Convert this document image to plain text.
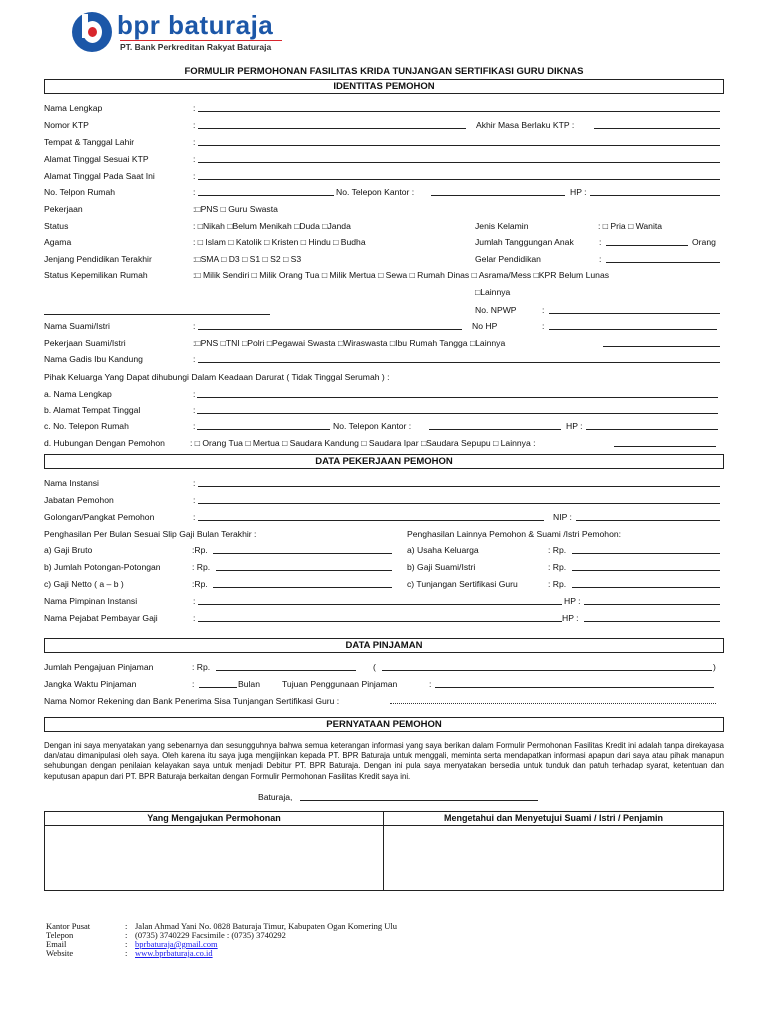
bpr baturaja
PT. Bank Perkreditan Rakyat Baturaja
FORMULIR PERMOHONAN FASILITAS KRIDA TUNJANGAN SERTIFIKASI GURU DIKNAS
IDENTITAS PEMOHON
Nama Lengkap	:
Nomor KTP	:	Akhir Masa Berlaku KTP :
Tempat & Tanggal Lahir	:
Alamat Tinggal Sesuai KTP	:
Alamat Tinggal Pada Saat Ini	:
No. Telpon Rumah	:	No. Telepon Kantor :	HP :
Pekerjaan	:□PNS □ Guru Swasta
Status	: □Nikah □Belum Menikah □Duda □Janda	Jenis Kelamin	: □ Pria □ Wanita
Agama	: □ Islam □ Katolik □ Kristen □ Hindu □ Budha	Jumlah Tanggungan Anak	:	Orang
Jenjang Pendidikan Terakhir	:□SMA □ D3 □ S1 □ S2 □ S3	Gelar Pendidikan	:
Status Kepemilikan Rumah	:□ Milik Sendiri □ Milik Orang Tua □ Milik Mertua □ Sewa □ Rumah Dinas □ Asrama/Mess □KPR Belum Lunas
□Lainnya
No. NPWP	:
Nama Suami/Istri	:	No HP	:
Pekerjaan Suami/Istri	:□PNS □TNI □Polri □Pegawai Swasta □Wiraswasta □Ibu Rumah Tangga □Lainnya
Nama Gadis Ibu Kandung	:
Pihak Keluarga Yang Dapat dihubungi Dalam Keadaan Darurat ( Tidak Tinggal Serumah ) :
a. Nama Lengkap	:
b. Alamat Tempat Tinggal	:
c. No. Telepon Rumah	:	No. Telepon Kantor :	HP :
d. Hubungan Dengan Pemohon	: □ Orang Tua □ Mertua □ Saudara Kandung □ Saudara Ipar □Saudara Sepupu □ Lainnya :
DATA PEKERJAAN PEMOHON
Nama Instansi	:
Jabatan Pemohon	:
Golongan/Pangkat Pemohon	:	NIP :
Penghasilan Per Bulan Sesuai Slip Gaji Bulan Terakhir :	Penghasilan Lainnya Pemohon & Suami /Istri Pemohon:
a) Gaji Bruto	:Rp.	a) Usaha Keluarga	: Rp.
b) Jumlah Potongan-Potongan	: Rp.	b) Gaji Suami/Istri	: Rp.
c) Gaji Netto ( a – b )	:Rp.	c) Tunjangan Sertifikasi Guru	: Rp.
Nama Pimpinan Instansi	:	HP :
Nama Pejabat Pembayar Gaji	:	HP :
DATA PINJAMAN
Jumlah Pengajuan Pinjaman	: Rp.	(	)
Jangka Waktu Pinjaman	:	Bulan	Tujuan Penggunaan Pinjaman	:
Nama Nomor Rekening dan Bank Penerima Sisa Tunjangan Sertifikasi Guru :
PERNYATAAN PEMOHON
Dengan ini saya menyatakan yang sebenarnya dan sesungguhnya bahwa semua keterangan informasi yang saya berikan dalam Formulir Permohonan Fasilitas Kredit ini adalah tanpa direkayasa dan/atau dimanipulasi oleh saya. Oleh karena itu saya juga mengijinkan kepada PT. BPR Baturaja untuk menggali, meminta serta mendapatkan informasi apapun dari saya atau pihak manapun sehubungan dengan penilaian kelayakan saya untuk menjadi Debitur PT. BPR Baturaja. Dengan ini pula saya menyatakan bersedia untuk tunduk dan patuh terhadap syarat, ketentuan dan keputusan apapun dari PT. BPR Baturaja berkaitan dengan Formulir Permohonan Fasilitas Kredit saya ini.
Baturaja,
Yang Mengajukan Permohonan	Mengetahui dan Menyetujui Suami / Istri / Penjamin
Kantor Pusat	: Jalan Ahmad Yani No. 0828 Baturaja Timur, Kabupaten Ogan Komering Ulu
Telepon	: (0735) 3740229 Facsimile : (0735) 3740292
Email	: bprbaturaja@gmail.com
Website	: www.bprbaturaja.co.id
